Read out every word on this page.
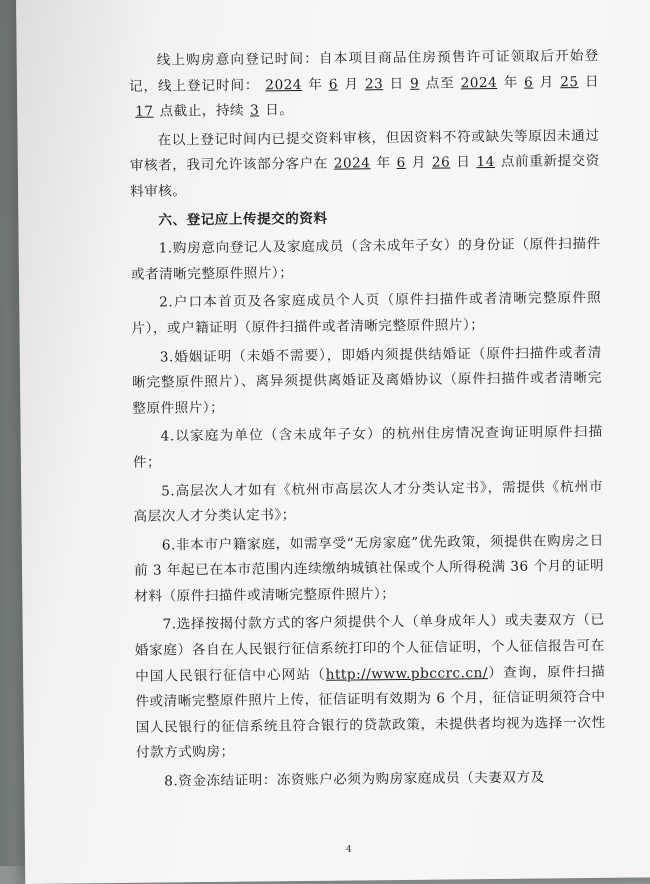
线上购房意向登记时间：自本项目商品住房预售许可证领取后开始登记，线上登记时间： 2024 年 6 月 23 日 9 点至 2024 年 6 月 25 日17 点截止，持续 3 日。

在以上登记时间内已提交资料审核，但因资料不符或缺失等原因未通过审核者，我司允许该部分客户在 2024 年 6 月 26 日 14 点前重新提交资料审核。

六、登记应上传提交的资料

1.购房意向登记人及家庭成员（含未成年子女）的身份证（原件扫描件或者清晰完整原件照片）；

2.户口本首页及各家庭成员个人页（原件扫描件或者清晰完整原件照片），或户籍证明（原件扫描件或者清晰完整原件照片）；

3.婚姻证明（未婚不需要），即婚内须提供结婚证（原件扫描件或者清晰完整原件照片）、离异须提供离婚证及离婚协议（原件扫描件或者清晰完整原件照片）；

4.以家庭为单位（含未成年子女）的杭州住房情况查询证明原件扫描件；

5.高层次人才如有《杭州市高层次人才分类认定书》，需提供《杭州市高层次人才分类认定书》；

6.非本市户籍家庭，如需享受“无房家庭”优先政策，须提供在购房之日前 3 年起已在本市范围内连续缴纳城镇社保或个人所得税满 36 个月的证明材料（原件扫描件或清晰完整原件照片）；

7.选择按揭付款方式的客户须提供个人（单身成年人）或夫妻双方（已婚家庭）各自在人民银行征信系统打印的个人征信证明，个人征信报告可在中国人民银行征信中心网站（http://www.pbccrc.cn/）查询，原件扫描件或清晰完整原件照片上传，征信证明有效期为 6 个月，征信证明须符合中国人民银行的征信系统且符合银行的贷款政策，未提供者均视为选择一次性付款方式购房；

8.资金冻结证明：冻资账户必须为购房家庭成员（夫妻双方及

4
